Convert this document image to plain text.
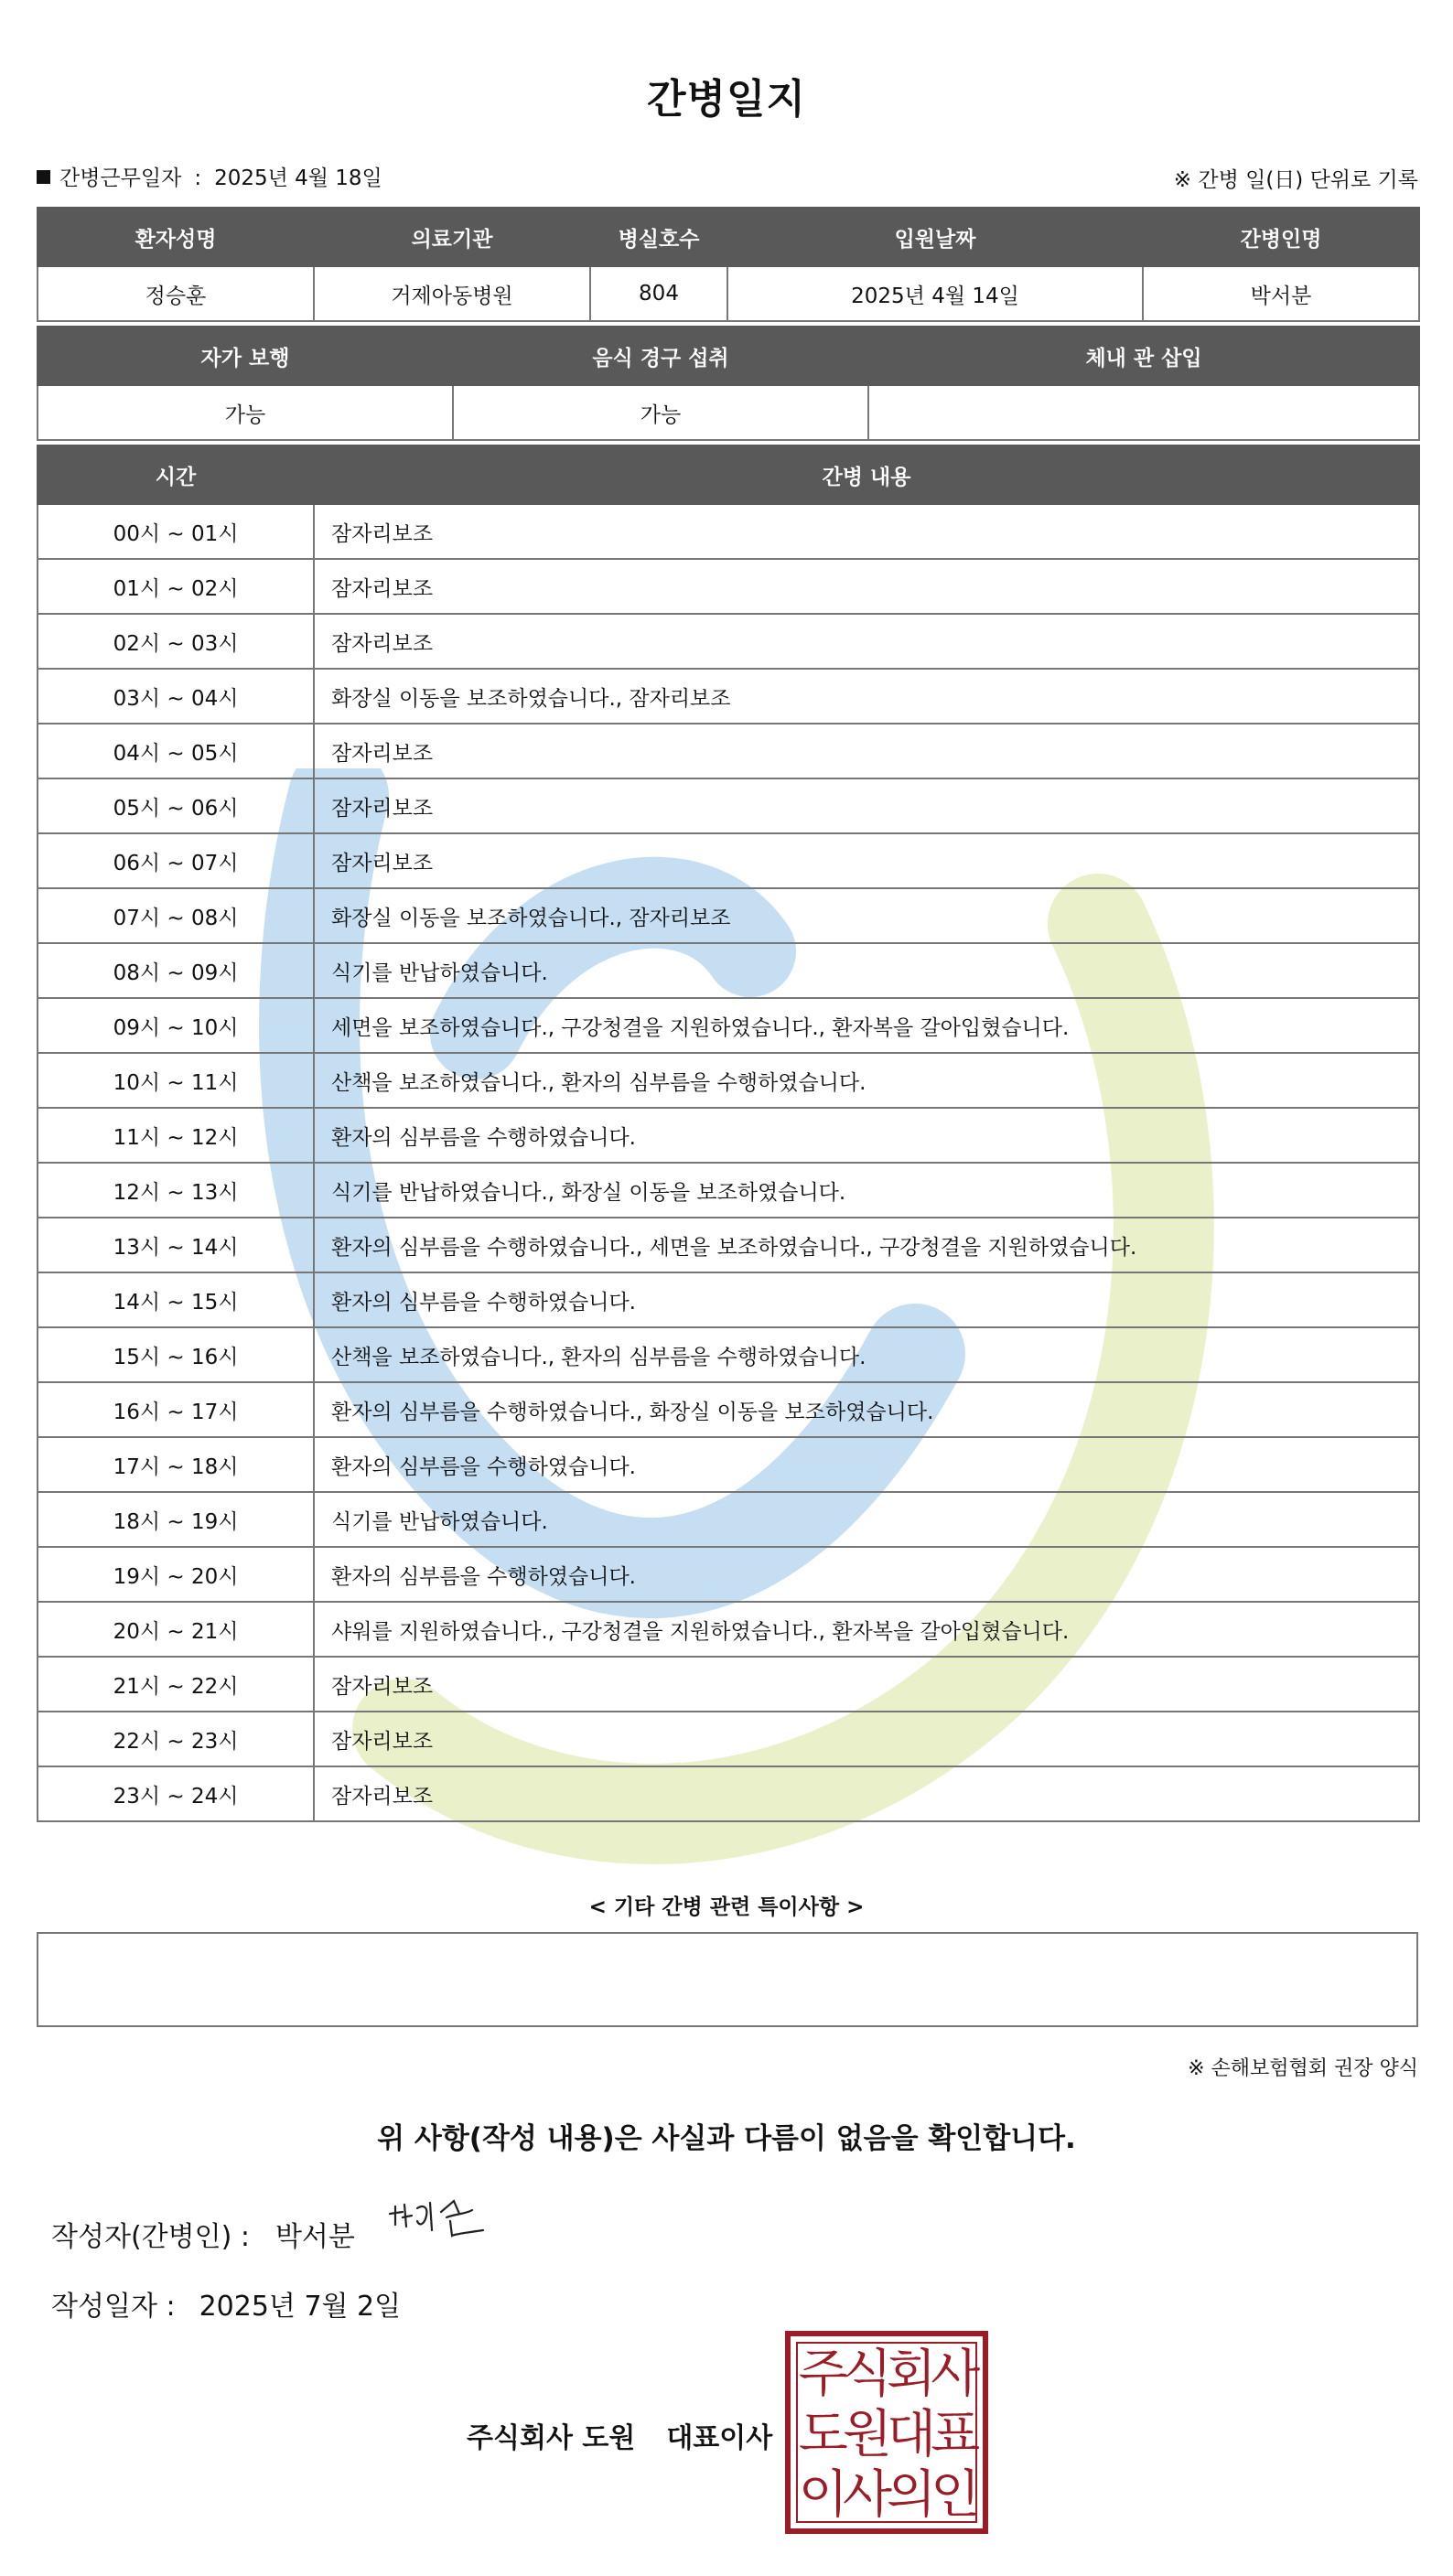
간병일지
간병근무일자 : 2025년 4월 18일	※ 간병 일(日) 단위로 기록
환자성명	의료기관	병실호수	입원날짜	간병인명
정승훈	거제아동병원	804	2025년 4월 14일	박서분
자가 보행	음식 경구 섭취	체내 관 삽입
가능	가능	
시간	간병 내용
00시 ~ 01시	잠자리보조
01시 ~ 02시	잠자리보조
02시 ~ 03시	잠자리보조
03시 ~ 04시	화장실 이동을 보조하였습니다., 잠자리보조
04시 ~ 05시	잠자리보조
05시 ~ 06시	잠자리보조
06시 ~ 07시	잠자리보조
07시 ~ 08시	화장실 이동을 보조하였습니다., 잠자리보조
08시 ~ 09시	식기를 반납하였습니다.
09시 ~ 10시	세면을 보조하였습니다., 구강청결을 지원하였습니다., 환자복을 갈아입혔습니다.
10시 ~ 11시	산책을 보조하였습니다., 환자의 심부름을 수행하였습니다.
11시 ~ 12시	환자의 심부름을 수행하였습니다.
12시 ~ 13시	식기를 반납하였습니다., 화장실 이동을 보조하였습니다.
13시 ~ 14시	환자의 심부름을 수행하였습니다., 세면을 보조하였습니다., 구강청결을 지원하였습니다.
14시 ~ 15시	환자의 심부름을 수행하였습니다.
15시 ~ 16시	산책을 보조하였습니다., 환자의 심부름을 수행하였습니다.
16시 ~ 17시	환자의 심부름을 수행하였습니다., 화장실 이동을 보조하였습니다.
17시 ~ 18시	환자의 심부름을 수행하였습니다.
18시 ~ 19시	식기를 반납하였습니다.
19시 ~ 20시	환자의 심부름을 수행하였습니다.
20시 ~ 21시	샤워를 지원하였습니다., 구강청결을 지원하였습니다., 환자복을 갈아입혔습니다.
21시 ~ 22시	잠자리보조
22시 ~ 23시	잠자리보조
23시 ~ 24시	잠자리보조
< 기타 간병 관련 특이사항 >
※ 손해보험협회 권장 양식
위 사항(작성 내용)은 사실과 다름이 없음을 확인합니다.
작성자(간병인) : 박서분
작성일자 : 2025년 7월 2일
주식회사 도원 대표이사
주식회사
도원대표
이사의인
